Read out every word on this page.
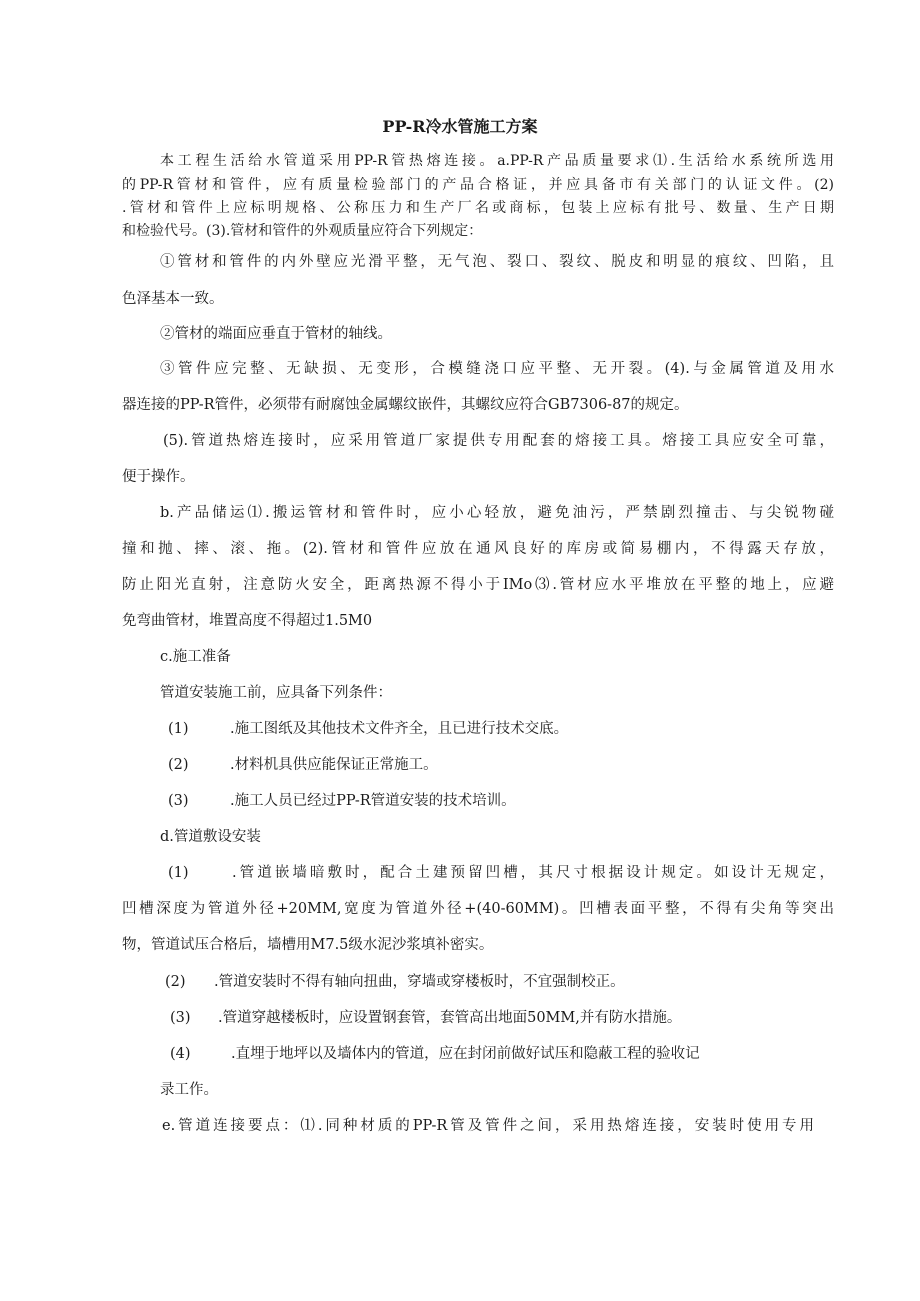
PP-R冷水管施工方案
本工程生活给水管道采用PP-R管热熔连接。a.PP-R产品质量要求⑴.生活给水系统所选用
的PP-R管材和管件，应有质量检验部门的产品合格证，并应具备市有关部门的认证文件。(2)
.管材和管件上应标明规格、公称压力和生产厂名或商标，包装上应标有批号、数量、生产日期
和检验代号。(3).管材和管件的外观质量应符合下列规定：
①管材和管件的内外壁应光滑平整，无气泡、裂口、裂纹、脱皮和明显的痕纹、凹陷，且
色泽基本一致。
②管材的端面应垂直于管材的轴线。
③管件应完整、无缺损、无变形，合模缝浇口应平整、无开裂。(4).与金属管道及用水
器连接的PP-R管件，必须带有耐腐蚀金属螺纹嵌件，其螺纹应符合GB7306-87的规定。
(5).管道热熔连接时，应采用管道厂家提供专用配套的熔接工具。熔接工具应安全可靠，
便于操作。
b.产品储运⑴.搬运管材和管件时，应小心轻放，避免油污，严禁剧烈撞击、与尖锐物碰
撞和抛、摔、滚、拖。(2).管材和管件应放在通风良好的库房或简易棚内，不得露天存放，
防止阳光直射，注意防火安全，距离热源不得小于IMo⑶.管材应水平堆放在平整的地上，应避
免弯曲管材，堆置高度不得超过1.5M0
c.施工准备
管道安装施工前，应具备下列条件：
(1)	.施工图纸及其他技术文件齐全，且已进行技术交底。
(2)	.材料机具供应能保证正常施工。
(3)	.施工人员已经过PP-R管道安装的技术培训。
d.管道敷设安装
(1)	.管道嵌墙暗敷时，配合土建预留凹槽，其尺寸根据设计规定。如设计无规定，
凹槽深度为管道外径+20MM,宽度为管道外径+(40-60MM)。凹槽表面平整，不得有尖角等突出
物，管道试压合格后，墙槽用M7.5级水泥沙浆填补密实。
(2) .管道安装时不得有轴向扭曲，穿墙或穿楼板时，不宜强制校正。
(3) .管道穿越楼板时，应设置钢套管，套管高出地面50MM,并有防水措施。
(4)	.直埋于地坪以及墙体内的管道，应在封闭前做好试压和隐蔽工程的验收记
录工作。
e.管道连接要点：⑴.同种材质的PP-R管及管件之间，采用热熔连接，安装时使用专用
